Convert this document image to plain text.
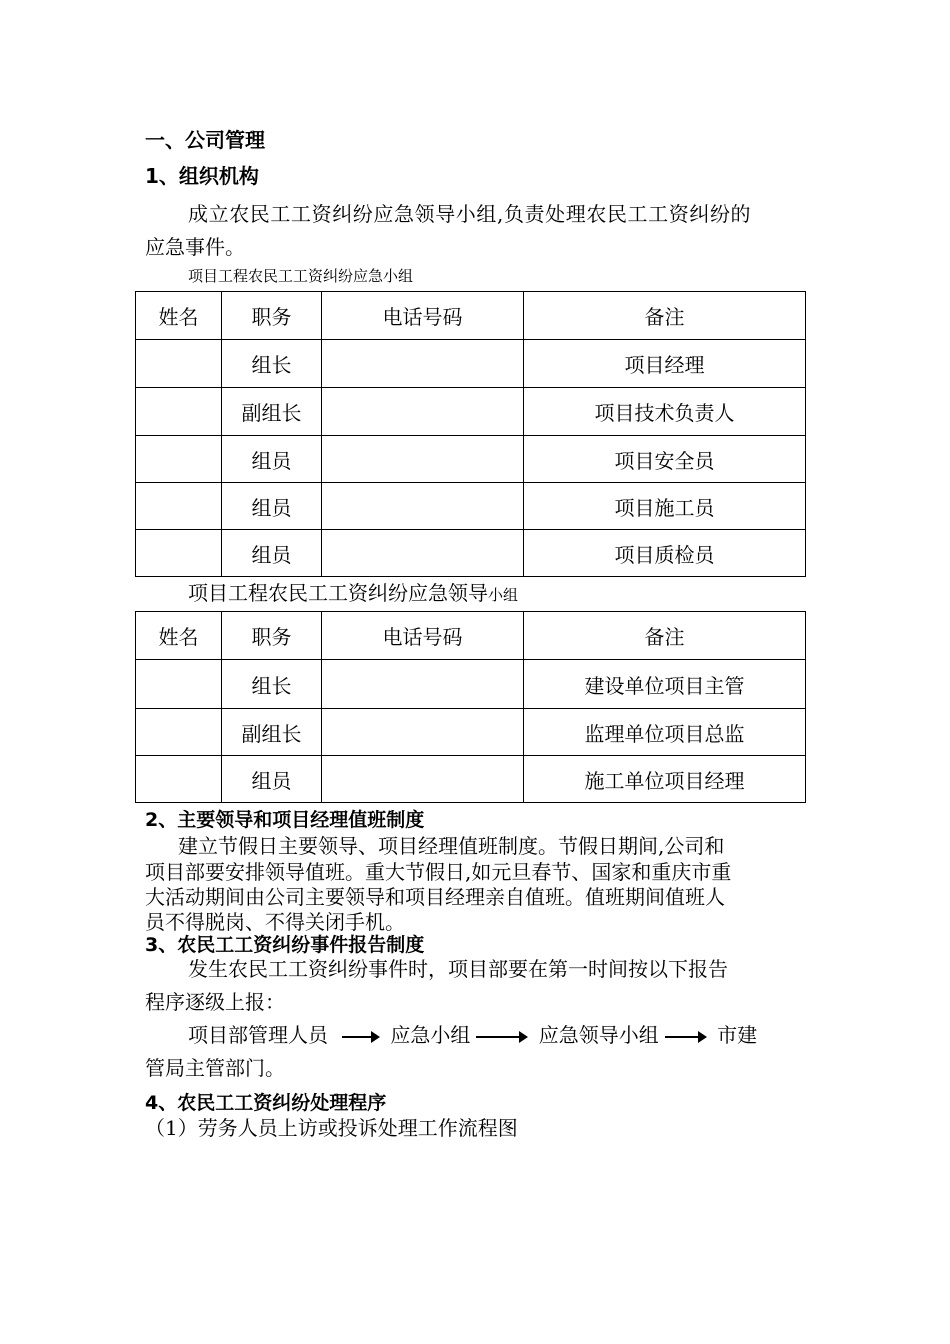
一、公司管理
1、组织机构
成立农民工工资纠纷应急领导小组,负责处理农民工工资纠纷的
应急事件。
项目工程农民工工资纠纷应急小组
姓名	职务	电话号码	备注
	组长		项目经理
	副组长		项目技术负责人
	组员		项目安全员
	组员		项目施工员
	组员		项目质检员
项目工程农民工工资纠纷应急领导小组
姓名	职务	电话号码	备注
	组长		建设单位项目主管
	副组长		监理单位项目总监
	组员		施工单位项目经理
2、主要领导和项目经理值班制度
建立节假日主要领导、项目经理值班制度。节假日期间,公司和
项目部要安排领导值班。重大节假日,如元旦春节、国家和重庆市重
大活动期间由公司主要领导和项目经理亲自值班。值班期间值班人
员不得脱岗、不得关闭手机。
3、农民工工资纠纷事件报告制度
发生农民工工资纠纷事件时，项目部要在第一时间按以下报告
程序逐级上报：
项目部管理人员	应急小组	应急领导小组	市建
管局主管部门。
4、农民工工资纠纷处理程序
（1）劳务人员上访或投诉处理工作流程图
